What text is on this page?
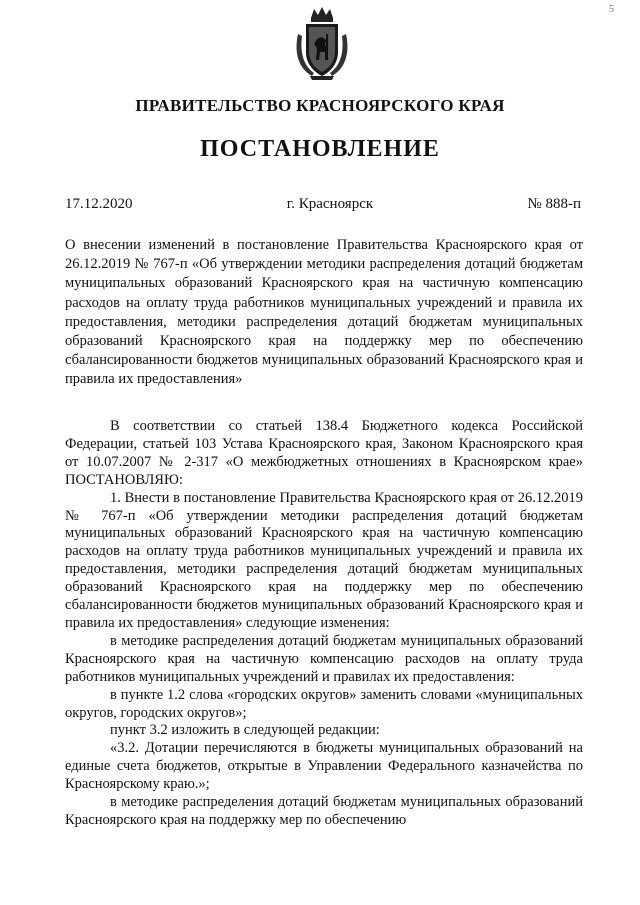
5
ПРАВИТЕЛЬСТВО КРАСНОЯРСКОГО КРАЯ
ПОСТАНОВЛЕНИЕ
17.12.2020	г. Красноярск	№ 888-п
О внесении изменений в постановление Правительства Красноярского края от 26.12.2019 № 767-п «Об утверждении методики распределения дотаций бюджетам муниципальных образований Красноярского края на частичную компенсацию расходов на оплату труда работников муниципальных учреждений и правила их предоставления, методики распределения дотаций бюджетам муниципальных образований Красноярского края на поддержку мер по обеспечению сбалансированности бюджетов муниципальных образований Красноярского края и правила их предоставления»

В соответствии со статьей 138.4 Бюджетного кодекса Российской Федерации, статьей 103 Устава Красноярского края, Законом Красноярского края от 10.07.2007 № 2-317 «О межбюджетных отношениях в Красноярском крае» ПОСТАНОВЛЯЮ:

1. Внести в постановление Правительства Красноярского края от 26.12.2019 № 767-п «Об утверждении методики распределения дотаций бюджетам муниципальных образований Красноярского края на частичную компенсацию расходов на оплату труда работников муниципальных учреждений и правила их предоставления, методики распределения дотаций бюджетам муниципальных образований Красноярского края на поддержку мер по обеспечению сбалансированности бюджетов муниципальных образований Красноярского края и правила их предоставления» следующие изменения:

в методике распределения дотаций бюджетам муниципальных образований Красноярского края на частичную компенсацию расходов на оплату труда работников муниципальных учреждений и правилах их предоставления:

в пункте 1.2 слова «городских округов» заменить словами «муниципальных округов, городских округов»;

пункт 3.2 изложить в следующей редакции:

«3.2. Дотации перечисляются в бюджеты муниципальных образований на единые счета бюджетов, открытые в Управлении Федерального казначейства по Красноярскому краю.»;

в методике распределения дотаций бюджетам муниципальных образований Красноярского края на поддержку мер по обеспечению
